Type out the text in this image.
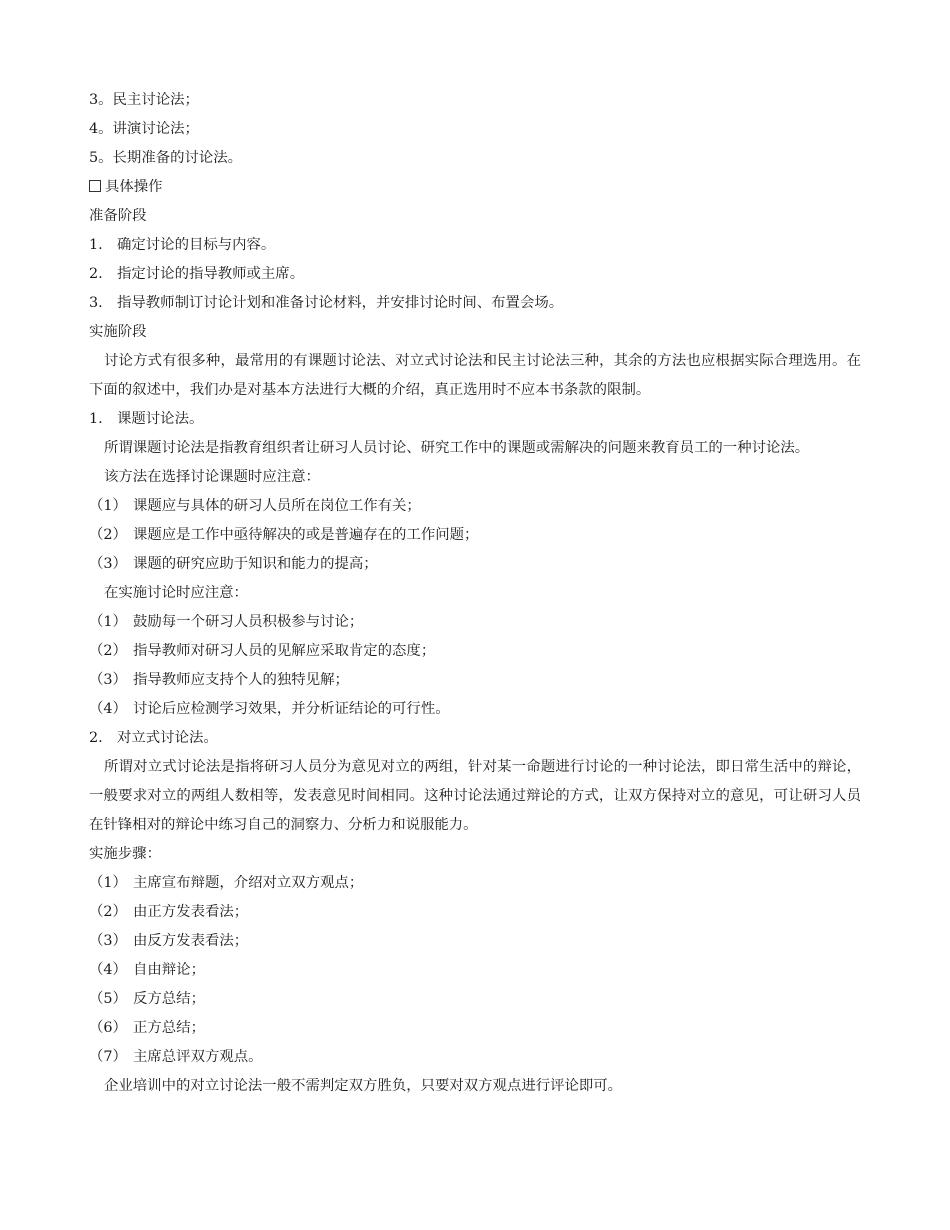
3。民主讨论法；
4。讲演讨论法；
5。长期准备的讨论法。
具体操作
准备阶段
1. 确定讨论的目标与内容。
2. 指定讨论的指导教师或主席。
3. 指导教师制订讨论计划和准备讨论材料，并安排讨论时间、布置会场。
实施阶段

讨论方式有很多种，最常用的有课题讨论法、对立式讨论法和民主讨论法三种，其余的方法也应根据实际合理选用。在下面的叙述中，我们办是对基本方法进行大概的介绍，真正选用时不应本书条款的限制。

1. 课题讨论法。

所谓课题讨论法是指教育组织者让研习人员讨论、研究工作中的课题或需解决的问题来教育员工的一种讨论法。

该方法在选择讨论课题时应注意：
（1） 课题应与具体的研习人员所在岗位工作有关；
（2） 课题应是工作中亟待解决的或是普遍存在的工作问题；
（3） 课题的研究应助于知识和能力的提高；
在实施讨论时应注意：
（1） 鼓励每一个研习人员积极参与讨论；
（2） 指导教师对研习人员的见解应采取肯定的态度；
（3） 指导教师应支持个人的独特见解；
（4） 讨论后应检测学习效果，并分析证结论的可行性。
2. 对立式讨论法。

所谓对立式讨论法是指将研习人员分为意见对立的两组，针对某一命题进行讨论的一种讨论法，即日常生活中的辩论，一般要求对立的两组人数相等，发表意见时间相同。这种讨论法通过辩论的方式，让双方保持对立的意见，可让研习人员在针锋相对的辩论中练习自己的洞察力、分析力和说服能力。

实施步骤：
（1） 主席宣布辩题，介绍对立双方观点；
（2） 由正方发表看法；
（3） 由反方发表看法；
（4） 自由辩论；
（5） 反方总结；
（6） 正方总结；
（7） 主席总评双方观点。
企业培训中的对立讨论法一般不需判定双方胜负，只要对双方观点进行评论即可。
